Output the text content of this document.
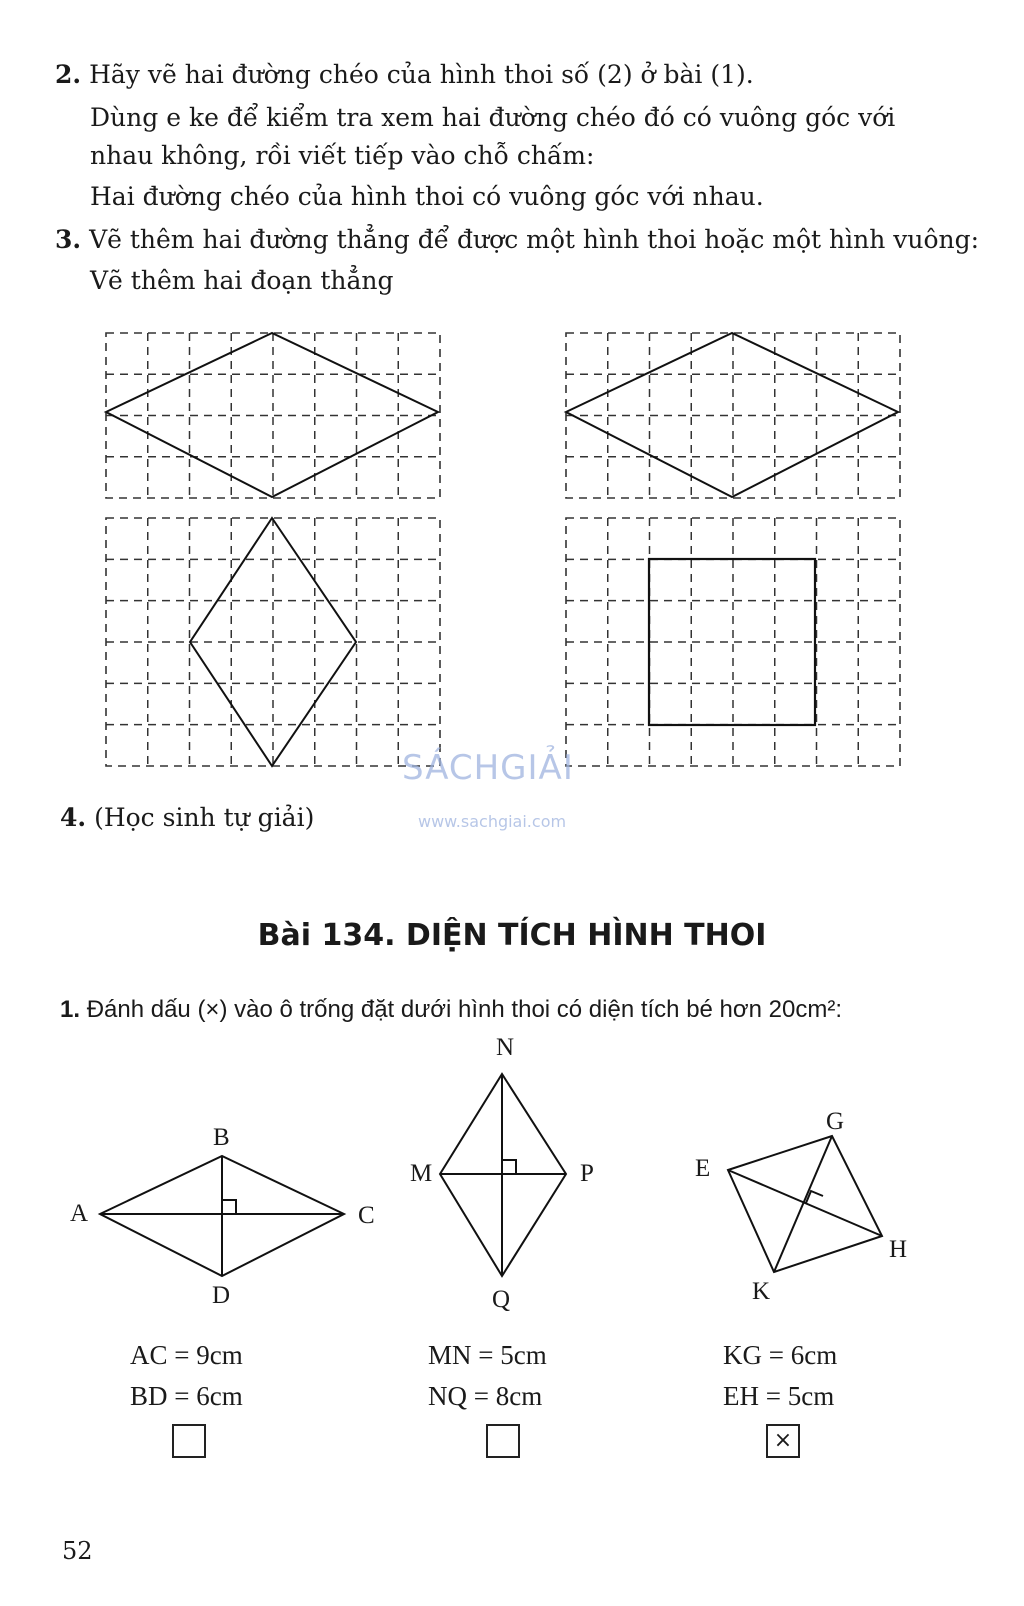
2. Hãy vẽ hai đường chéo của hình thoi số (2) ở bài (1).
Dùng e ke để kiểm tra xem hai đường chéo đó có vuông góc với
nhau không, rồi viết tiếp vào chỗ chấm:
Hai đường chéo của hình thoi có vuông góc với nhau.
3. Vẽ thêm hai đường thẳng để được một hình thoi hoặc một hình vuông:
Vẽ thêm hai đoạn thẳng
SÁCHGIẢI
www.sachgiai.com
4. (Học sinh tự giải)
Bài 134. DIỆN TÍCH HÌNH THOI
1. Đánh dấu (×) vào ô trống đặt dưới hình thoi có diện tích bé hơn 20cm²:
B
A	C
D
N
M	P
Q
E
G
H
K
AC = 9cm
BD = 6cm
MN = 5cm
NQ = 8cm
KG = 6cm
EH = 5cm
×
52
